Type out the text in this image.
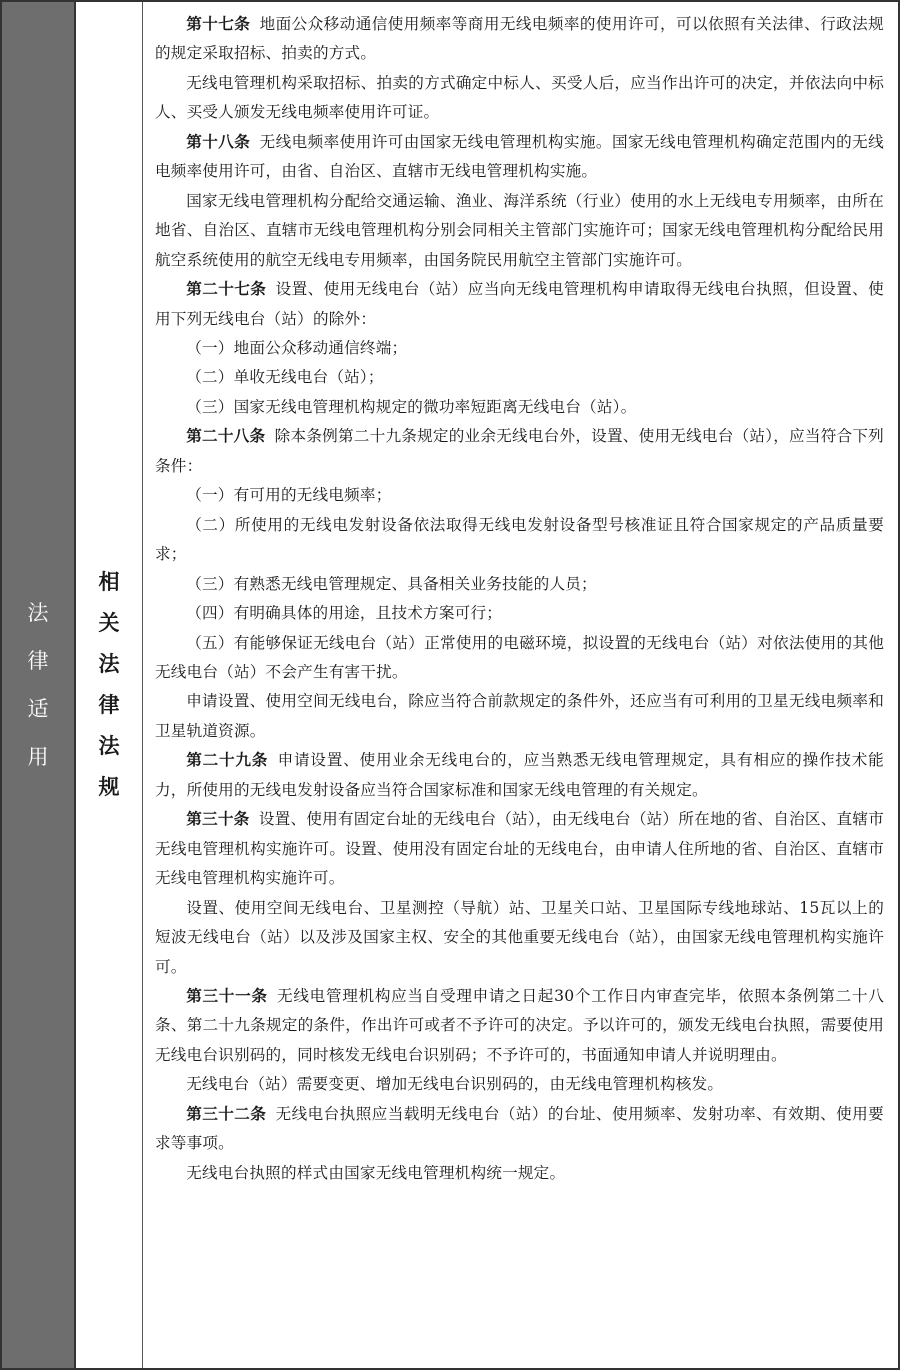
法
律
适
用
相
关
法
律
法
规

第十七条 地面公众移动通信使用频率等商用无线电频率的使用许可，可以依照有关法律、行政法规的规定采取招标、拍卖的方式。

无线电管理机构采取招标、拍卖的方式确定中标人、买受人后，应当作出许可的决定，并依法向中标人、买受人颁发无线电频率使用许可证。

第十八条 无线电频率使用许可由国家无线电管理机构实施。国家无线电管理机构确定范围内的无线电频率使用许可，由省、自治区、直辖市无线电管理机构实施。

国家无线电管理机构分配给交通运输、渔业、海洋系统（行业）使用的水上无线电专用频率，由所在地省、自治区、直辖市无线电管理机构分别会同相关主管部门实施许可；国家无线电管理机构分配给民用航空系统使用的航空无线电专用频率，由国务院民用航空主管部门实施许可。

第二十七条 设置、使用无线电台（站）应当向无线电管理机构申请取得无线电台执照，但设置、使用下列无线电台（站）的除外：

（一）地面公众移动通信终端；

（二）单收无线电台（站）；

（三）国家无线电管理机构规定的微功率短距离无线电台（站）。

第二十八条 除本条例第二十九条规定的业余无线电台外，设置、使用无线电台（站），应当符合下列条件：

（一）有可用的无线电频率；

（二）所使用的无线电发射设备依法取得无线电发射设备型号核准证且符合国家规定的产品质量要求；

（三）有熟悉无线电管理规定、具备相关业务技能的人员；

（四）有明确具体的用途，且技术方案可行；

（五）有能够保证无线电台（站）正常使用的电磁环境，拟设置的无线电台（站）对依法使用的其他无线电台（站）不会产生有害干扰。

申请设置、使用空间无线电台，除应当符合前款规定的条件外，还应当有可利用的卫星无线电频率和卫星轨道资源。

第二十九条 申请设置、使用业余无线电台的，应当熟悉无线电管理规定，具有相应的操作技术能力，所使用的无线电发射设备应当符合国家标准和国家无线电管理的有关规定。

第三十条 设置、使用有固定台址的无线电台（站），由无线电台（站）所在地的省、自治区、直辖市无线电管理机构实施许可。设置、使用没有固定台址的无线电台，由申请人住所地的省、自治区、直辖市无线电管理机构实施许可。

设置、使用空间无线电台、卫星测控（导航）站、卫星关口站、卫星国际专线地球站、15瓦以上的短波无线电台（站）以及涉及国家主权、安全的其他重要无线电台（站），由国家无线电管理机构实施许可。

第三十一条 无线电管理机构应当自受理申请之日起30个工作日内审查完毕，依照本条例第二十八条、第二十九条规定的条件，作出许可或者不予许可的决定。予以许可的，颁发无线电台执照，需要使用无线电台识别码的，同时核发无线电台识别码；不予许可的，书面通知申请人并说明理由。

无线电台（站）需要变更、增加无线电台识别码的，由无线电管理机构核发。

第三十二条 无线电台执照应当载明无线电台（站）的台址、使用频率、发射功率、有效期、使用要求等事项。

无线电台执照的样式由国家无线电管理机构统一规定。
